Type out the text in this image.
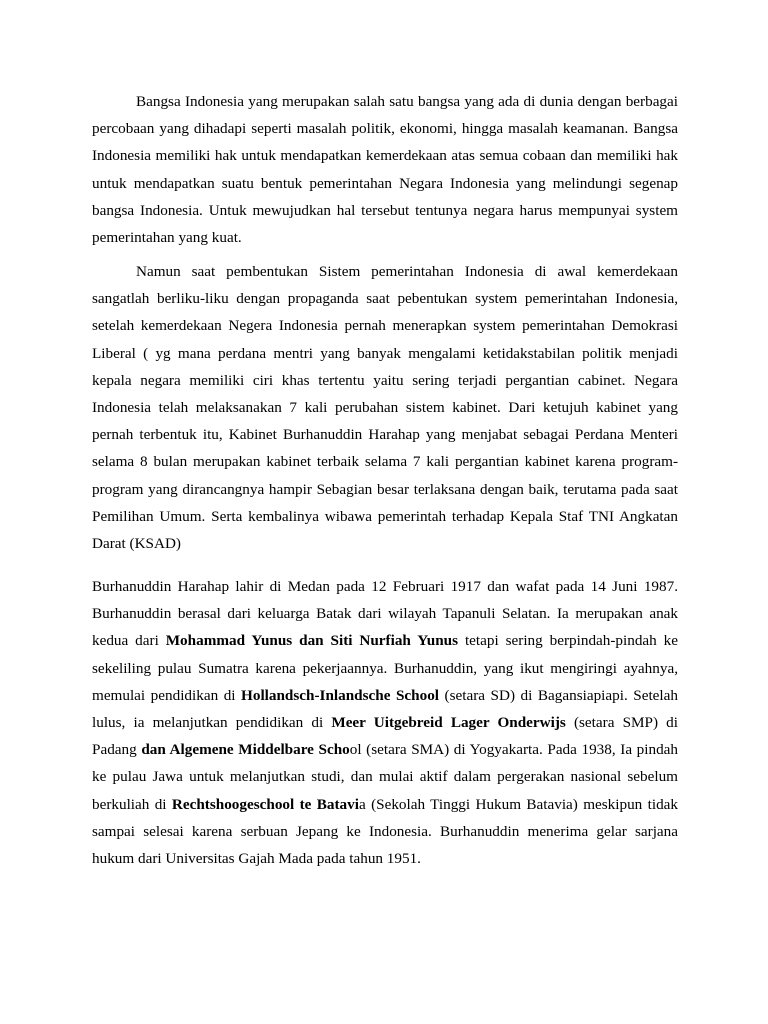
Bangsa Indonesia yang merupakan salah satu bangsa yang ada di dunia dengan berbagai percobaan yang dihadapi seperti masalah politik, ekonomi, hingga masalah keamanan. Bangsa Indonesia memiliki hak untuk mendapatkan kemerdekaan atas semua cobaan dan memiliki hak untuk mendapatkan suatu bentuk pemerintahan Negara Indonesia yang melindungi segenap bangsa Indonesia. Untuk mewujudkan hal tersebut tentunya negara harus mempunyai system pemerintahan yang kuat.

Namun saat pembentukan Sistem pemerintahan Indonesia di awal kemerdekaan sangatlah berliku-liku dengan propaganda saat pebentukan system pemerintahan Indonesia, setelah kemerdekaan Negera Indonesia pernah menerapkan system pemerintahan Demokrasi Liberal ( yg mana perdana mentri yang banyak mengalami ketidakstabilan politik menjadi kepala negara memiliki ciri khas tertentu yaitu sering terjadi pergantian cabinet. Negara Indonesia telah melaksanakan 7 kali perubahan sistem kabinet. Dari ketujuh kabinet yang pernah terbentuk itu, Kabinet Burhanuddin Harahap yang menjabat sebagai Perdana Menteri selama 8 bulan merupakan kabinet terbaik selama 7 kali pergantian kabinet karena program-program yang dirancangnya hampir Sebagian besar terlaksana dengan baik, terutama pada saat Pemilihan Umum. Serta kembalinya wibawa pemerintah terhadap Kepala Staf TNI Angkatan Darat (KSAD)

Burhanuddin Harahap lahir di Medan pada 12 Februari 1917 dan wafat pada 14 Juni 1987. Burhanuddin berasal dari keluarga Batak dari wilayah Tapanuli Selatan. Ia merupakan anak kedua dari Mohammad Yunus dan Siti Nurfiah Yunus tetapi sering berpindah-pindah ke sekeliling pulau Sumatra karena pekerjaannya. Burhanuddin, yang ikut mengiringi ayahnya, memulai pendidikan di Hollandsch-Inlandsche School (setara SD) di Bagansiapiapi. Setelah lulus, ia melanjutkan pendidikan di Meer Uitgebreid Lager Onderwijs (setara SMP) di Padang dan Algemene Middelbare School (setara SMA) di Yogyakarta. Pada 1938, Ia pindah ke pulau Jawa untuk melanjutkan studi, dan mulai aktif dalam pergerakan nasional sebelum berkuliah di Rechtshoogeschool te Batavia (Sekolah Tinggi Hukum Batavia) meskipun tidak sampai selesai karena serbuan Jepang ke Indonesia. Burhanuddin menerima gelar sarjana hukum dari Universitas Gajah Mada pada tahun 1951.
